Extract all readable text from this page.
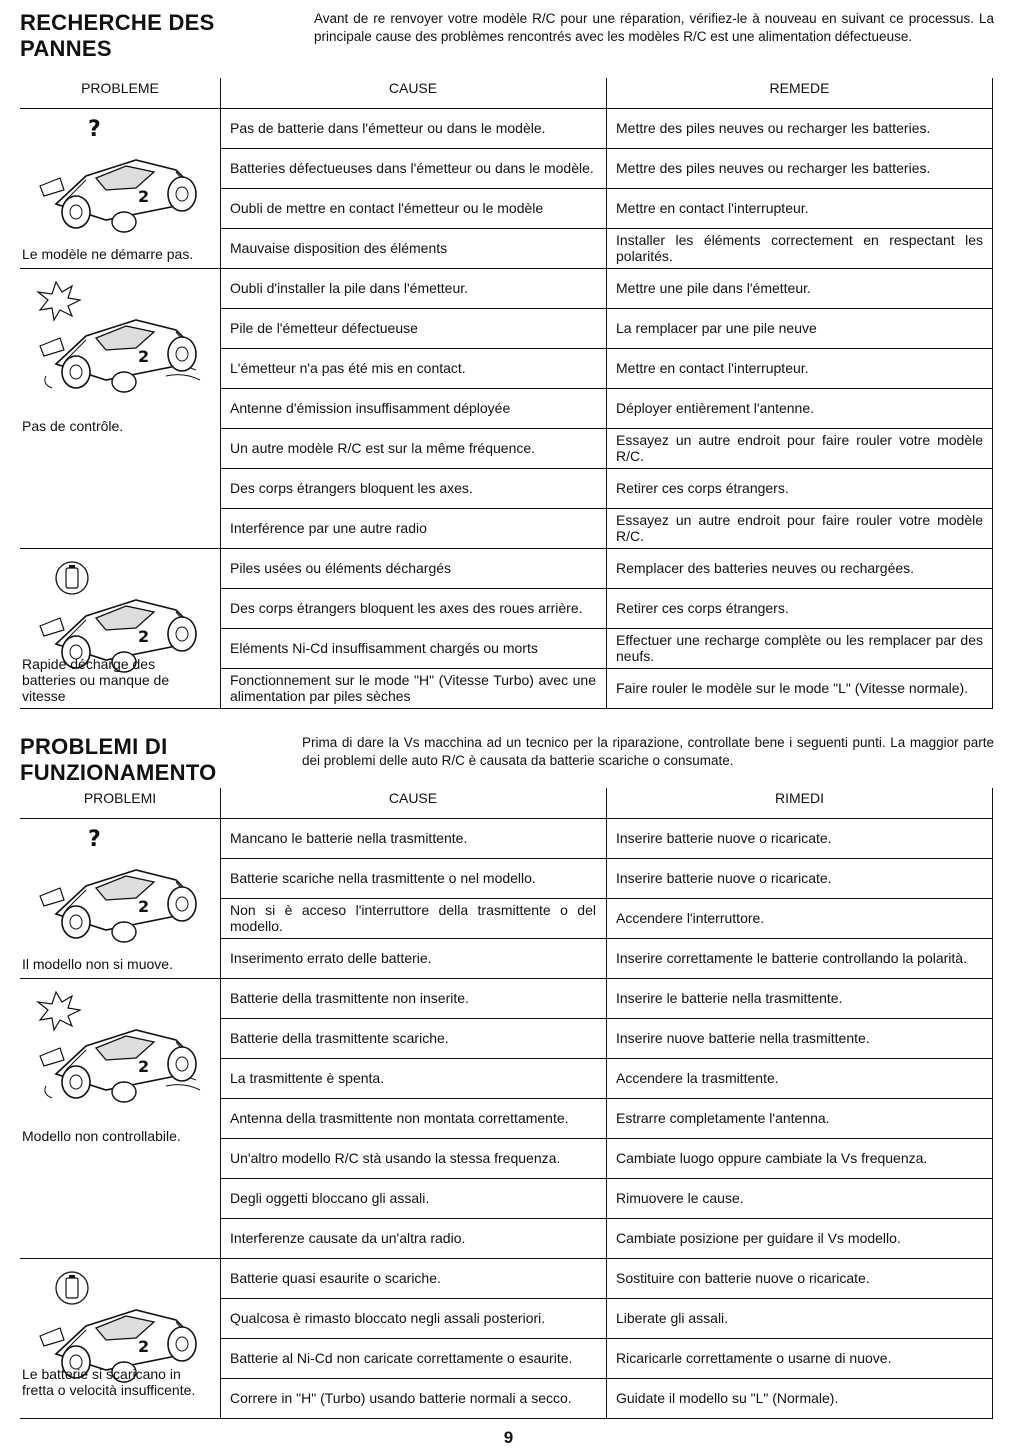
RECHERCHE DES
PANNES
Avant de re renvoyer votre modèle R/C pour une réparation, vérifiez-le à nouveau en suivant ce processus. La principale cause des problèmes rencontrés avec les modèles R/C est une alimentation défectueuse.
PROBLEME	CAUSE	REMEDE
Pas de batterie dans l'émetteur ou dans le modèle.	Mettre des piles neuves ou recharger les batteries.
Batteries défectueuses dans l'émetteur ou dans le modèle.	Mettre des piles neuves ou recharger les batteries.
Oubli de mettre en contact l'émetteur ou le modèle	Mettre en contact l'interrupteur.
Mauvaise disposition des éléments	Installer les éléments correctement en respectant les polarités.
?
2
Le modèle ne démarre pas.
Oubli d'installer la pile dans l'émetteur.	Mettre une pile dans l'émetteur.
Pile de l'émetteur défectueuse	La remplacer par une pile neuve
L'émetteur n'a pas été mis en contact.	Mettre en contact l'interrupteur.
Antenne d'émission insuffisamment déployée	Déployer entièrement l'antenne.
Un autre modèle R/C est sur la même fréquence.	Essayez un autre endroit pour faire rouler votre modèle R/C.
Des corps étrangers bloquent les axes.	Retirer ces corps étrangers.
Interférence par une autre radio	Essayez un autre endroit pour faire rouler votre modèle R/C.
2
Pas de contrôle.
Piles usées ou éléments déchargés	Remplacer des batteries neuves ou rechargées.
Des corps étrangers bloquent les axes des roues arrière.	Retirer ces corps étrangers.
Eléments Ni-Cd insuffisamment chargés ou morts	Effectuer une recharge complète ou les remplacer par des neufs.
Fonctionnement sur le mode "H" (Vitesse Turbo) avec une alimentation par piles sèches	Faire rouler le modèle sur le mode "L" (Vitesse normale).
2
Rapide décharge des batteries ou manque de vitesse
PROBLEMI DI
FUNZIONAMENTO
Prima di dare la Vs macchina ad un tecnico per la riparazione, controllate bene i seguenti punti. La maggior parte dei problemi delle auto R/C è causata da batterie scariche o consumate.
PROBLEMI	CAUSE	RIMEDI
Mancano le batterie nella trasmittente.	Inserire batterie nuove o ricaricate.
Batterie scariche nella trasmittente o nel modello.	Inserire batterie nuove o ricaricate.
Non si è acceso l'interruttore della trasmittente o del modello.	Accendere l'interruttore.
Inserimento errato delle batterie.	Inserire correttamente le batterie controllando la polarità.
?
2
Il modello non si muove.
Batterie della trasmittente non inserite.	Inserire le batterie nella trasmittente.
Batterie della trasmittente scariche.	Inserire nuove batterie nella trasmittente.
La trasmittente è spenta.	Accendere la trasmittente.
Antenna della trasmittente non montata correttamente.	Estrarre completamente l'antenna.
Un'altro modello R/C stà usando la stessa frequenza.	Cambiate luogo oppure cambiate la Vs frequenza.
Degli oggetti bloccano gli assali.	Rimuovere le cause.
Interferenze causate da un'altra radio.	Cambiate posizione per guidare il Vs modello.
2
Modello non controllabile.
Batterie quasi esaurite o scariche.	Sostituire con batterie nuove o ricaricate.
Qualcosa è rimasto bloccato negli assali posteriori.	Liberate gli assali.
Batterie al Ni-Cd non caricate correttamente o esaurite.	Ricaricarle correttamente o usarne di nuove.
Correre in "H" (Turbo) usando batterie normali a secco.	Guidate il modello su "L" (Normale).
2
Le batterie si scaricano in fretta o velocità insufficente.
9
